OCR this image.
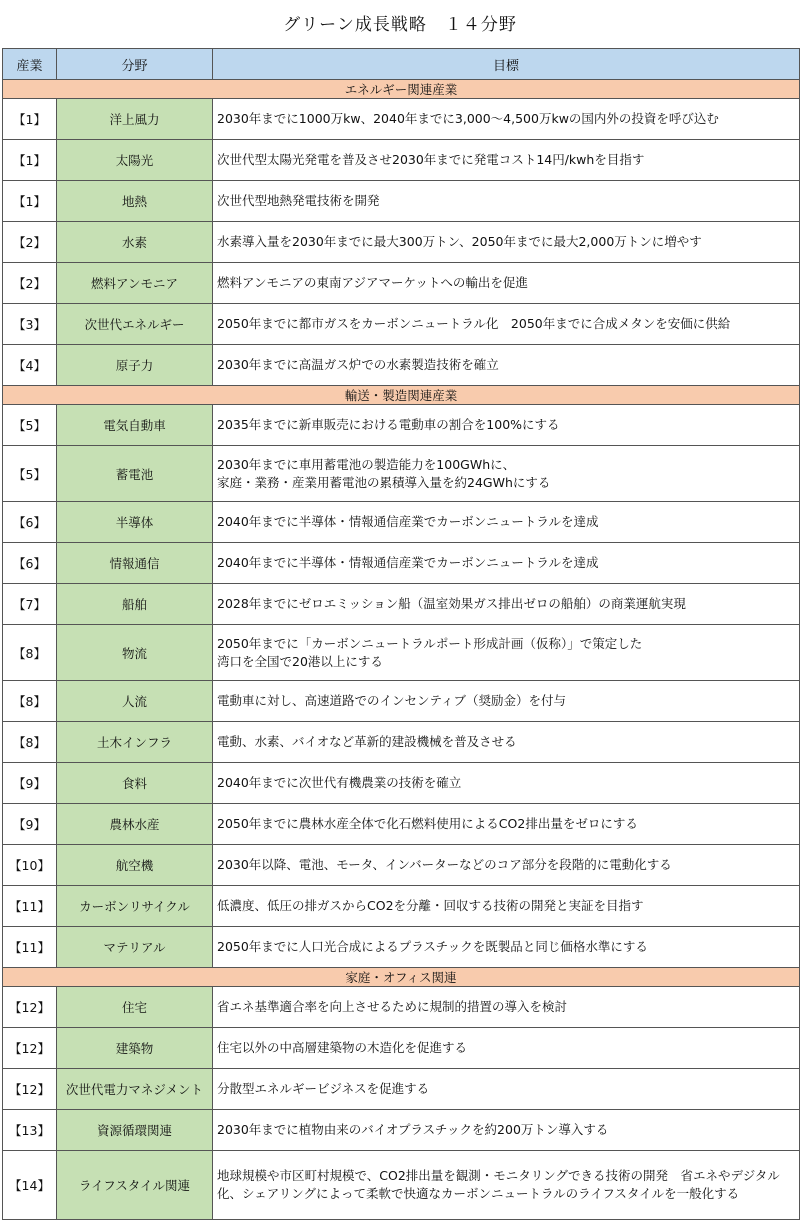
グリーン成長戦略　１４分野
産業	分野	目標
エネルギー関連産業		
【1】	洋上風力	2030年までに1000万kw、2040年までに3,000～4,500万kwの国内外の投資を呼び込む

【1】	太陽光	次世代型太陽光発電を普及させ2030年までに発電コスト14円/kwhを目指す

【1】	地熱	次世代型地熱発電技術を開発

【2】	水素	水素導入量を2030年までに最大300万トン、2050年までに最大2,000万トンに増やす

【2】	燃料アンモニア	燃料アンモニアの東南アジアマーケットへの輸出を促進

【3】	次世代エネルギー	2050年までに都市ガスをカーボンニュートラル化　2050年までに合成メタンを安価に供給

【4】	原子力	2030年までに高温ガス炉での水素製造技術を確立

輸送・製造関連産業		
【5】	電気自動車	2035年までに新車販売における電動車の割合を100%にする

【5】	蓄電池	2030年までに車用蓄電池の製造能力を100GWhに、
家庭・業務・産業用蓄電池の累積導入量を約24GWhにする

【6】	半導体	2040年までに半導体・情報通信産業でカーボンニュートラルを達成

【6】	情報通信	2040年までに半導体・情報通信産業でカーボンニュートラルを達成

【7】	船舶	2028年までにゼロエミッション船（温室効果ガス排出ゼロの船舶）の商業運航実現

【8】	物流	2050年までに「カーボンニュートラルポート形成計画（仮称）」で策定した
湾口を全国で20港以上にする

【8】	人流	電動車に対し、高速道路でのインセンティブ（奨励金）を付与

【8】	土木インフラ	電動、水素、バイオなど革新的建設機械を普及させる

【9】	食料	2040年までに次世代有機農業の技術を確立

【9】	農林水産	2050年までに農林水産全体で化石燃料使用によるCO2排出量をゼロにする

【10】	航空機	2030年以降、電池、モータ、インバーターなどのコア部分を段階的に電動化する

【11】	カーボンリサイクル	低濃度、低圧の排ガスからCO2を分離・回収する技術の開発と実証を目指す

【11】	マテリアル	2050年までに人口光合成によるプラスチックを既製品と同じ価格水準にする

家庭・オフィス関連		
【12】	住宅	省エネ基準適合率を向上させるために規制的措置の導入を検討

【12】	建築物	住宅以外の中高層建築物の木造化を促進する

【12】	次世代電力マネジメント	分散型エネルギービジネスを促進する

【13】	資源循環関連	2030年までに植物由来のバイオプラスチックを約200万トン導入する

【14】	ライフスタイル関連	地球規模や市区町村規模で、CO2排出量を観測・モニタリングできる技術の開発　省エネやデジタル
化、シェアリングによって柔軟で快適なカーボンニュートラルのライフスタイルを一般化する
